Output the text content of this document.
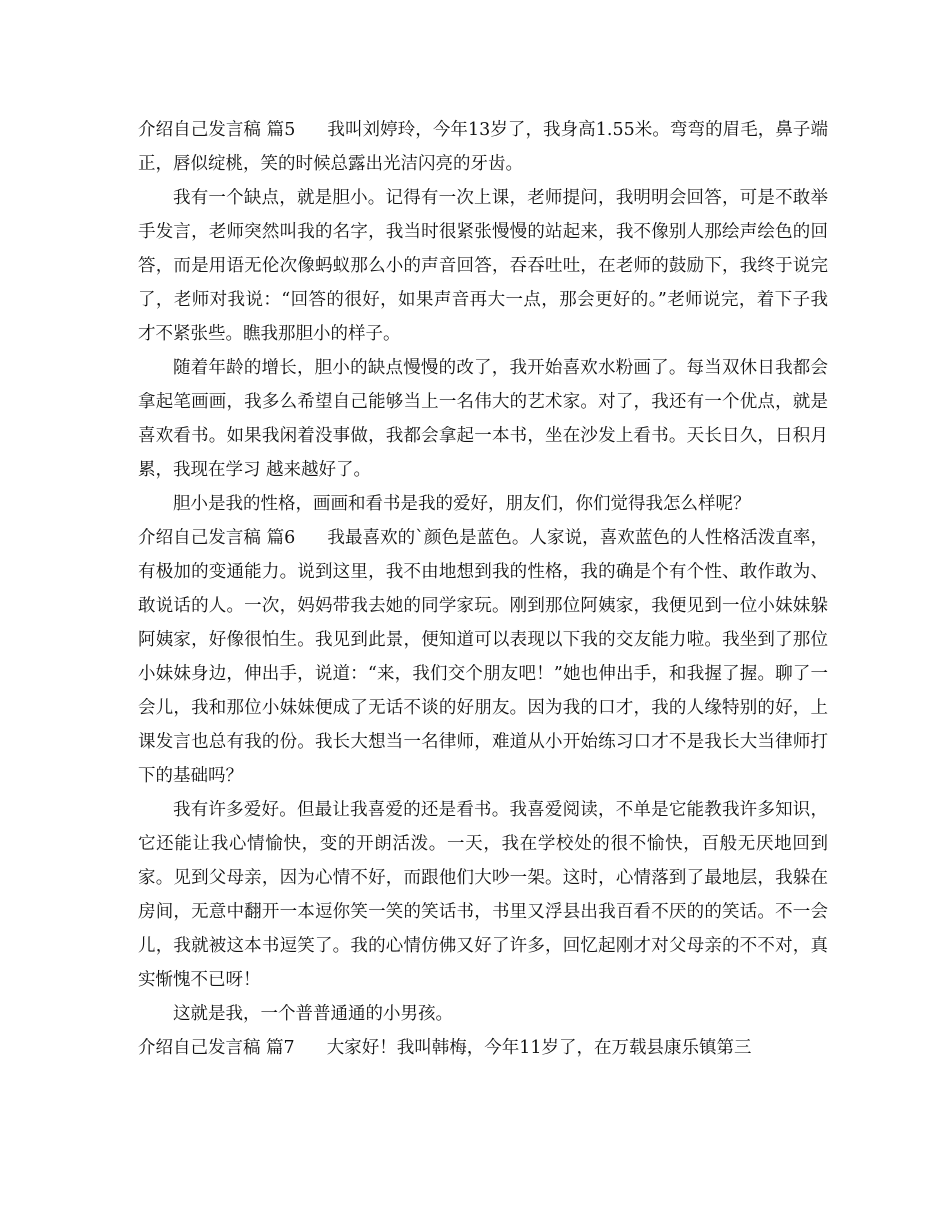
介绍自己发言稿 篇5 我叫刘婷玲，今年13岁了，我身高1.55米。弯弯的眉毛，鼻子端正，唇似绽桃，笑的时候总露出光洁闪亮的牙齿。

我有一个缺点，就是胆小。记得有一次上课，老师提问，我明明会回答，可是不敢举手发言，老师突然叫我的名字，我当时很紧张慢慢的站起来，我不像别人那绘声绘色的回答，而是用语无伦次像蚂蚁那么小的声音回答，吞吞吐吐，在老师的鼓励下，我终于说完了，老师对我说：“回答的很好，如果声音再大一点，那会更好的。”老师说完，着下子我才不紧张些。瞧我那胆小的样子。

随着年龄的增长，胆小的缺点慢慢的改了，我开始喜欢水粉画了。每当双休日我都会拿起笔画画，我多么希望自己能够当上一名伟大的艺术家。对了，我还有一个优点，就是喜欢看书。如果我闲着没事做，我都会拿起一本书，坐在沙发上看书。天长日久，日积月累，我现在学习 越来越好了。

胆小是我的性格，画画和看书是我的爱好，朋友们，你们觉得我怎么样呢？

介绍自己发言稿 篇6 我最喜欢的`颜色是蓝色。人家说，喜欢蓝色的人性格活泼直率，有极加的变通能力。说到这里，我不由地想到我的性格，我的确是个有个性、敢作敢为、敢说话的人。一次，妈妈带我去她的同学家玩。刚到那位阿姨家，我便见到一位小妹妹躲阿姨家，好像很怕生。我见到此景，便知道可以表现以下我的交友能力啦。我坐到了那位小妹妹身边，伸出手，说道：“来，我们交个朋友吧！”她也伸出手，和我握了握。聊了一会儿，我和那位小妹妹便成了无话不谈的好朋友。因为我的口才，我的人缘特别的好，上课发言也总有我的份。我长大想当一名律师，难道从小开始练习口才不是我长大当律师打下的基础吗？

我有许多爱好。但最让我喜爱的还是看书。我喜爱阅读，不单是它能教我许多知识，它还能让我心情愉快，变的开朗活泼。一天，我在学校处的很不愉快，百般无厌地回到家。见到父母亲，因为心情不好，而跟他们大吵一架。这时，心情落到了最地层，我躲在房间，无意中翻开一本逗你笑一笑的笑话书，书里又浮县出我百看不厌的的笑话。不一会儿，我就被这本书逗笑了。我的心情仿佛又好了许多，回忆起刚才对父母亲的不不对，真实惭愧不已呀！

这就是我，一个普普通通的小男孩。

介绍自己发言稿 篇7 大家好！我叫韩梅，今年11岁了，在万载县康乐镇第三
